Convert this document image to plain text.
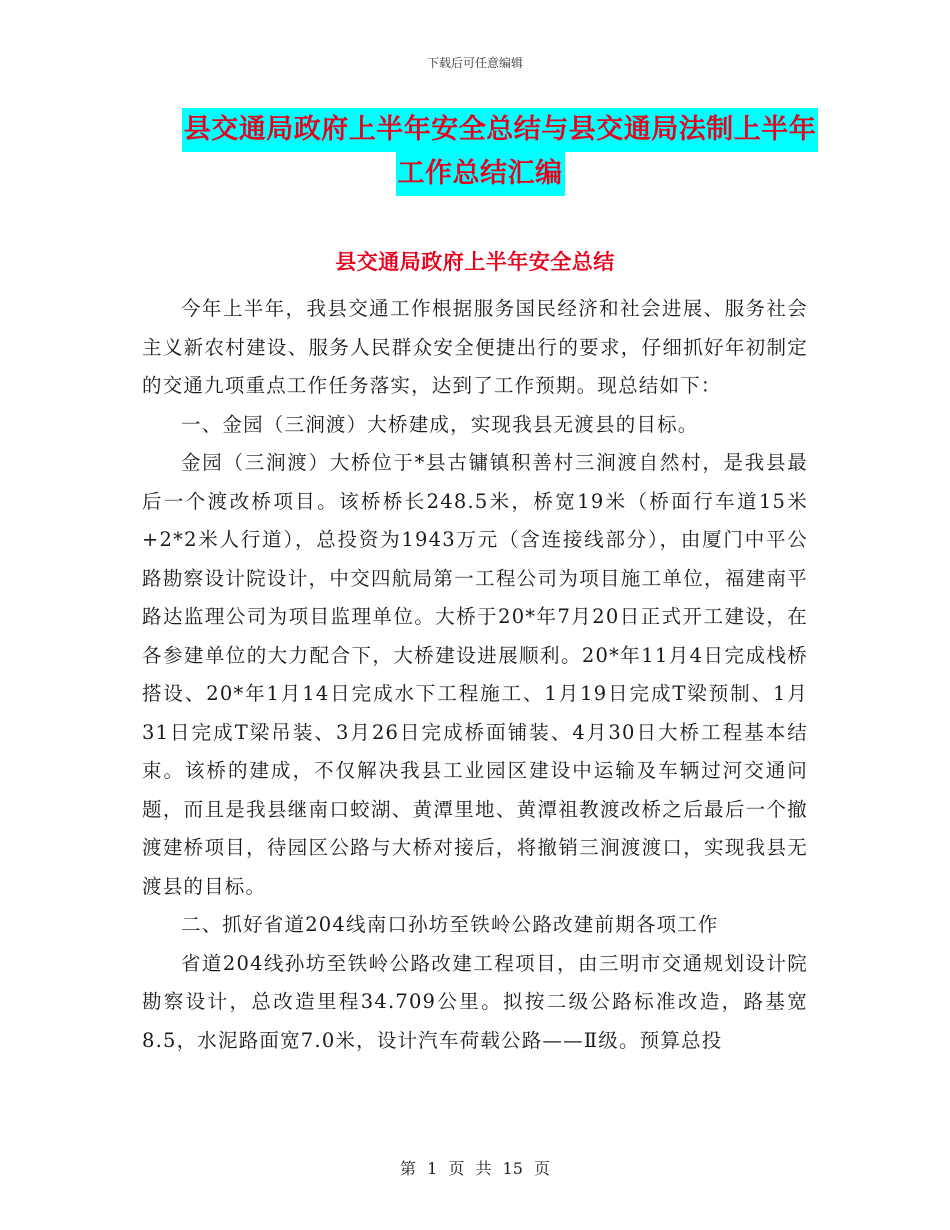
下载后可任意编辑
县交通局政府上半年安全总结与县交通局法制上半年
工作总结汇编
县交通局政府上半年安全总结

今年上半年，我县交通工作根据服务国民经济和社会进展、服务社会主义新农村建设、服务人民群众安全便捷出行的要求，仔细抓好年初制定的交通九项重点工作任务落实，达到了工作预期。现总结如下：

一、金园（三涧渡）大桥建成，实现我县无渡县的目标。

金园（三涧渡）大桥位于*县古镛镇积善村三涧渡自然村，是我县最后一个渡改桥项目。该桥桥长248.5米，桥宽19米（桥面行车道15米+2*2米人行道），总投资为1943万元（含连接线部分），由厦门中平公路勘察设计院设计，中交四航局第一工程公司为项目施工单位，福建南平路达监理公司为项目监理单位。大桥于20*年7月20日正式开工建设，在各参建单位的大力配合下，大桥建设进展顺利。20*年11月4日完成栈桥搭设、20*年1月14日完成水下工程施工、1月19日完成T梁预制、1月31日完成T梁吊装、3月26日完成桥面铺装、4月30日大桥工程基本结束。该桥的建成，不仅解决我县工业园区建设中运输及车辆过河交通问题，而且是我县继南口蛟湖、黄潭里地、黄潭祖教渡改桥之后最后一个撤渡建桥项目，待园区公路与大桥对接后，将撤销三涧渡渡口，实现我县无渡县的目标。

二、抓好省道204线南口孙坊至铁岭公路改建前期各项工作

省道204线孙坊至铁岭公路改建工程项目，由三明市交通规划设计院勘察设计，总改造里程34.709公里。拟按二级公路标准改造，路基宽8.5，水泥路面宽7.0米，设计汽车荷载公路——Ⅱ级。预算总投

第 1 页 共 15 页
